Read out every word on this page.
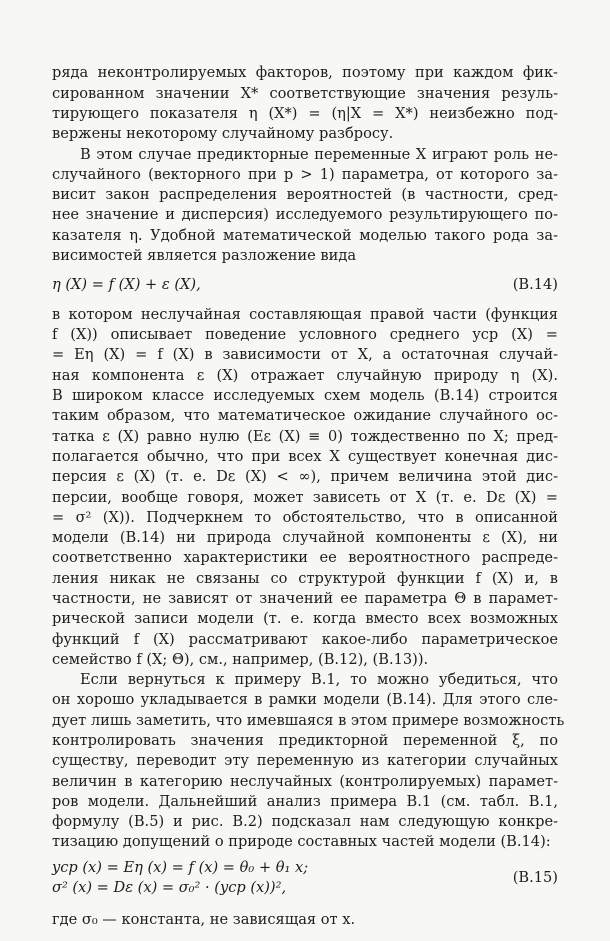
ряда неконтролируемых факторов, поэтому при каждом фик-
сированном значении X* соответствующие значения резуль-
тирующего показателя η (X*) = (η|X = X*) неизбежно под-
вержены некоторому случайному разбросу.
В этом случае предикторные переменные X играют роль не-
случайного (векторного при p > 1) параметра, от которого за-
висит закон распределения вероятностей (в частности, сред-
нее значение и дисперсия) исследуемого результирующего по-
казателя η. Удобной математической моделью такого рода за-
висимостей является разложение вида
η (X) = f (X) + ε (X),	(В.14)
в котором неслучайная составляющая правой части (функция
f (X)) описывает поведение условного среднего yср (X) =
= Eη (X) = f (X) в зависимости от X, а остаточная случай-
ная компонента ε (X) отражает случайную природу η (X).
В широком классе исследуемых схем модель (В.14) строится
таким образом, что математическое ожидание случайного ос-
татка ε (X) равно нулю (Eε (X) ≡ 0) тождественно по X; пред-
полагается обычно, что при всех X существует конечная дис-
персия ε (X) (т. е. Dε (X) < ∞), причем величина этой дис-
персии, вообще говоря, может зависеть от X (т. е. Dε (X) =
= σ² (X)). Подчеркнем то обстоятельство, что в описанной
модели (В.14) ни природа случайной компоненты ε (X), ни
соответственно характеристики ее вероятностного распреде-
ления никак не связаны со структурой функции f (X) и, в
частности, не зависят от значений ее параметра Θ в парамет-
рической записи модели (т. е. когда вместо всех возможных
функций f (X) рассматривают какое-либо параметрическое
семейство f (X; Θ), см., например, (В.12), (В.13)).
Если вернуться к примеру В.1, то можно убедиться, что
он хорошо укладывается в рамки модели (В.14). Для этого сле-
дует лишь заметить, что имевшаяся в этом примере возможность
контролировать значения предикторной переменной ξ, по
существу, переводит эту переменную из категории случайных
величин в категорию неслучайных (контролируемых) парамет-
ров модели. Дальнейший анализ примера В.1 (см. табл. В.1,
формулу (В.5) и рис. В.2) подсказал нам следующую конкре-
тизацию допущений о природе составных частей модели (В.14):
yср (x) = Eη (x) = f (x) = θ₀ + θ₁ x;
σ² (x) = Dε (x) = σ₀² · (yср (x))²,
(В.15)
где σ₀ — константа, не зависящая от x.
